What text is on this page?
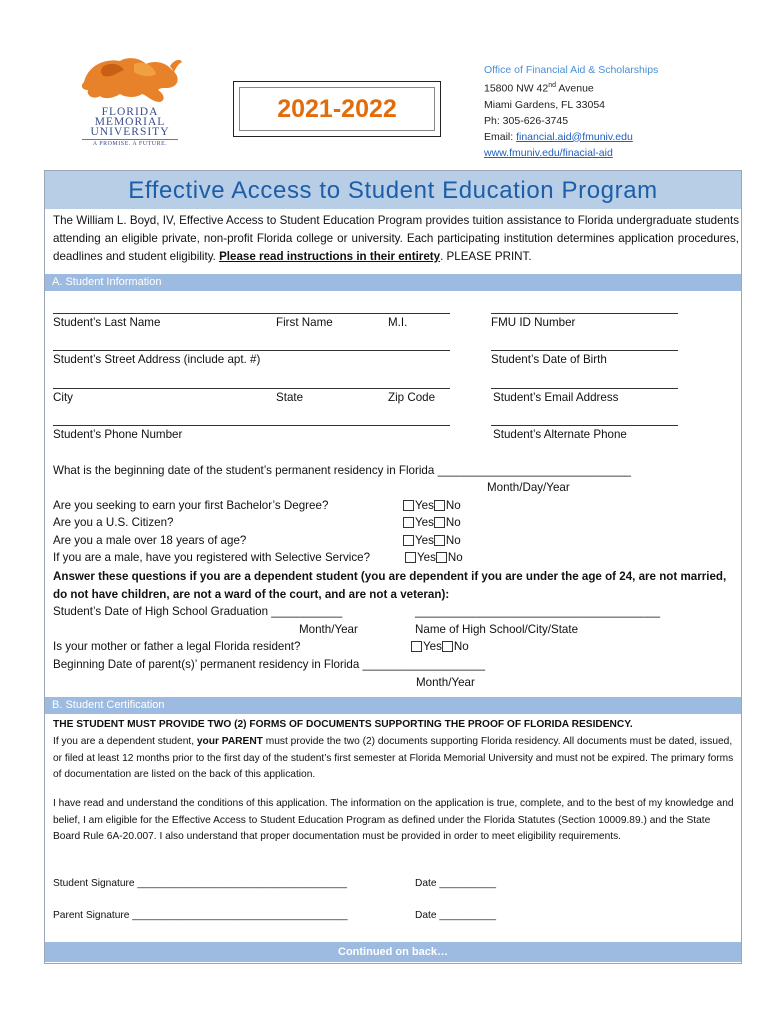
FLORIDA
MEMORIAL
UNIVERSITY
A PROMISE. A FUTURE.
2021-2022
Office of Financial Aid & Scholarships
15800 NW 42nd Avenue
Miami Gardens, FL 33054
Ph: 305-626-3745
Email: financial.aid@fmuniv.edu
www.fmuniv.edu/finacial-aid
Effective Access to Student Education Program
The William L. Boyd, IV, Effective Access to Student Education Program provides tuition assistance to Florida undergraduate students attending an eligible private, non-profit Florida college or university. Each participating institution determines application procedures, deadlines and student eligibility. Please read instructions in their entirety. PLEASE PRINT.
A. Student Information
Student’s Last Name	First Name	M.I.	FMU ID Number
Student’s Street Address (include apt. #)	Student’s Date of Birth
City	State	Zip Code	Student’s Email Address
Student’s Phone Number	Student’s Alternate Phone
What is the beginning date of the student’s permanent residency in Florida ______________________________
Month/Day/Year
Are you seeking to earn your first Bachelor’s Degree?	Yes No
Are you a U.S. Citizen?	Yes No
Are you a male over 18 years of age?	Yes No
If you are a male, have you registered with Selective Service?	Yes No
Answer these questions if you are a dependent student (you are dependent if you are under the age of 24, are not married, do not have children, are not a ward of the court, and are not a veteran):
Student’s Date of High School Graduation ___________	______________________________________
Month/Year	Name of High School/City/State
Is your mother or father a legal Florida resident?	Yes No
Beginning Date of parent(s)’ permanent residency in Florida ___________________
Month/Year
B. Student Certification
THE STUDENT MUST PROVIDE TWO (2) FORMS OF DOCUMENTS SUPPORTING THE PROOF OF FLORIDA RESIDENCY.
If you are a dependent student, your PARENT must provide the two (2) documents supporting Florida residency. All documents must be dated, issued, or filed at least 12 months prior to the first day of the student’s first semester at Florida Memorial University and must not be expired. The primary forms of documentation are listed on the back of this application.
I have read and understand the conditions of this application. The information on the application is true, complete, and to the best of my knowledge and belief, I am eligible for the Effective Access to Student Education Program as defined under the Florida Statutes (Section 10009.89.) and the State Board Rule 6A-20.007. I also understand that proper documentation must be provided in order to meet eligibility requirements.
Student Signature _____________________________________	Date __________
Parent Signature ______________________________________	Date __________
Continued on back…
